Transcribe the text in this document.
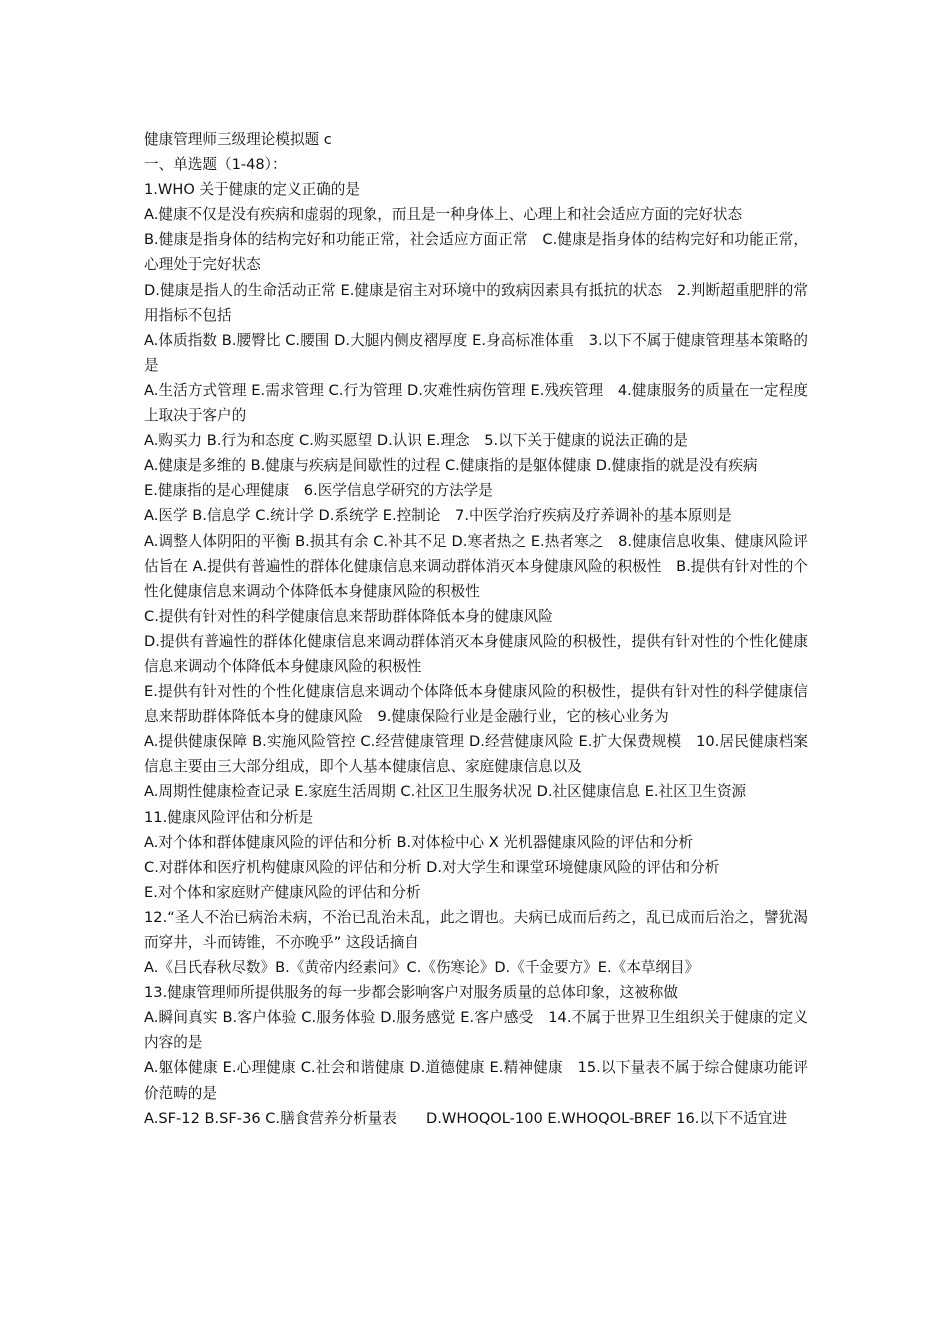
健康管理师三级理论模拟题 c
一、单选题（1-48）：
1.WHO 关于健康的定义正确的是
A.健康不仅是没有疾病和虚弱的现象，而且是一种身体上、心理上和社会适应方面的完好状态
B.健康是指身体的结构完好和功能正常，社会适应方面正常　C.健康是指身体的结构完好和功能正常，心理处于完好状态
D.健康是指人的生命活动正常 E.健康是宿主对环境中的致病因素具有抵抗的状态　2.判断超重肥胖的常用指标不包括
A.体质指数 B.腰臀比 C.腰围 D.大腿内侧皮褶厚度 E.身高标准体重　3.以下不属于健康管理基本策略的是
A.生活方式管理 E.需求管理 C.行为管理 D.灾难性病伤管理 E.残疾管理　4.健康服务的质量在一定程度上取决于客户的
A.购买力 B.行为和态度 C.购买愿望 D.认识 E.理念　5.以下关于健康的说法正确的是
A.健康是多维的 B.健康与疾病是间歇性的过程 C.健康指的是躯体健康 D.健康指的就是没有疾病
E.健康指的是心理健康　6.医学信息学研究的方法学是
A.医学 B.信息学 C.统计学 D.系统学 E.控制论　7.中医学治疗疾病及疗养调补的基本原则是
A.调整人体阴阳的平衡 B.损其有余 C.补其不足 D.寒者热之 E.热者寒之　8.健康信息收集、健康风险评估旨在 A.提供有普遍性的群体化健康信息来调动群体消灭本身健康风险的积极性　B.提供有针对性的个性化健康信息来调动个体降低本身健康风险的积极性
C.提供有针对性的科学健康信息来帮助群体降低本身的健康风险
D.提供有普遍性的群体化健康信息来调动群体消灭本身健康风险的积极性，提供有针对性的个性化健康信息来调动个体降低本身健康风险的积极性
E.提供有针对性的个性化健康信息来调动个体降低本身健康风险的积极性，提供有针对性的科学健康信息来帮助群体降低本身的健康风险　9.健康保险行业是金融行业，它的核心业务为
A.提供健康保障 B.实施风险管控 C.经营健康管理 D.经营健康风险 E.扩大保费规模　10.居民健康档案信息主要由三大部分组成，即个人基本健康信息、家庭健康信息以及
A.周期性健康检查记录 E.家庭生活周期 C.社区卫生服务状况 D.社区健康信息 E.社区卫生资源
11.健康风险评估和分析是
A.对个体和群体健康风险的评估和分析 B.对体检中心 X 光机器健康风险的评估和分析
C.对群体和医疗机构健康风险的评估和分析 D.对大学生和课堂环境健康风险的评估和分析
E.对个体和家庭财产健康风险的评估和分析
12.“圣人不治已病治未病，不治已乱治未乱，此之谓也。夫病已成而后药之，乱已成而后治之，譬犹渴而穿井，斗而铸锥，不亦晚乎” 这段话摘自
A.《吕氏春秋尽数》B.《黄帝内经素问》C.《伤寒论》D.《千金要方》E.《本草纲目》
13.健康管理师所提供服务的每一步都会影响客户对服务质量的总体印象，这被称做
A.瞬间真实 B.客户体验 C.服务体验 D.服务感觉 E.客户感受　14.不属于世界卫生组织关于健康的定义内容的是
A.躯体健康 E.心理健康 C.社会和谐健康 D.道德健康 E.精神健康　15.以下量表不属于综合健康功能评价范畴的是
A.SF-12 B.SF-36 C.膳食营养分析量表　　D.WHOQOL-100 E.WHOQOL-BREF 16.以下不适宜进
